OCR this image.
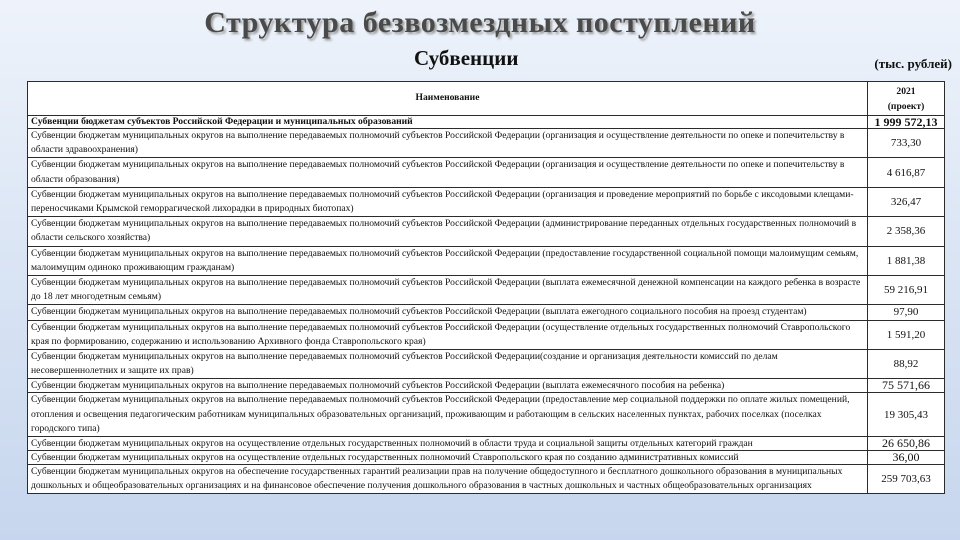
Структура безвозмездных поступлений
Субвенции	(тыс. рублей)
Наименование	2021
(проект)
Субвенции бюджетам субъектов Российской Федерации и муниципальных образований	1 999 572,13
Субвенции бюджетам муниципальных округов на выполнение передаваемых полномочий субъектов Российской Федерации (организация и осуществление деятельности по опеке и попечительству в области здравоохранения)	733,30
Субвенции бюджетам муниципальных округов на выполнение передаваемых полномочий субъектов Российской Федерации (организация и осуществление деятельности по опеке и попечительству в области образования)	4 616,87
Субвенции бюджетам муниципальных округов на выполнение передаваемых полномочий субъектов Российской Федерации (организация и проведение мероприятий по борьбе с иксодовыми клещами-переносчиками Крымской геморрагической лихорадки в природных биотопах)	326,47
Субвенции бюджетам муниципальных округов на выполнение передаваемых полномочий субъектов Российской Федерации (администрирование переданных отдельных государственных полномочий в области сельского хозяйства)	2 358,36
Субвенции бюджетам муниципальных округов на выполнение передаваемых полномочий субъектов Российской Федерации (предоставление государственной социальной помощи малоимущим семьям, малоимущим одиноко проживающим гражданам)	1 881,38
Субвенции бюджетам муниципальных округов на выполнение передаваемых полномочий субъектов Российской Федерации (выплата ежемесячной денежной компенсации на каждого ребенка в возрасте до 18 лет многодетным семьям)	59 216,91
Субвенции бюджетам муниципальных округов на выполнение передаваемых полномочий субъектов Российской Федерации (выплата ежегодного социального пособия на проезд студентам)	97,90
Субвенции бюджетам муниципальных округов на выполнение передаваемых полномочий субъектов Российской Федерации (осуществление отдельных государственных полномочий Ставропольского края по формированию, содержанию и использованию Архивного фонда Ставропольского края)	1 591,20
Субвенции бюджетам муниципальных округов на выполнение передаваемых полномочий субъектов Российской Федерации(создание и организация деятельности комиссий по делам несовершеннолетних и защите их прав)	88,92
Субвенции бюджетам муниципальных округов на выполнение передаваемых полномочий субъектов Российской Федерации (выплата ежемесячного пособия на ребенка)	75 571,66
Субвенции бюджетам муниципальных округов на выполнение передаваемых полномочий субъектов Российской Федерации (предоставление мер социальной поддержки по оплате жилых помещений, отопления и освещения педагогическим работникам муниципальных образовательных организаций, проживающим и работающим в сельских населенных пунктах, рабочих поселках (поселках городского типа)	19 305,43
Субвенции бюджетам муниципальных округов на осуществление отдельных государственных полномочий в области труда и социальной защиты отдельных категорий граждан	26 650,86
Субвенции бюджетам муниципальных округов на осуществление отдельных государственных полномочий Ставропольского края по созданию административных комиссий	36,00
Субвенции бюджетам муниципальных округов на обеспечение государственных гарантий реализации прав на получение общедоступного и бесплатного дошкольного образования в муниципальных дошкольных и общеобразовательных организациях и на финансовое обеспечение получения дошкольного образования в частных дошкольных и частных общеобразовательных организациях	259 703,63
